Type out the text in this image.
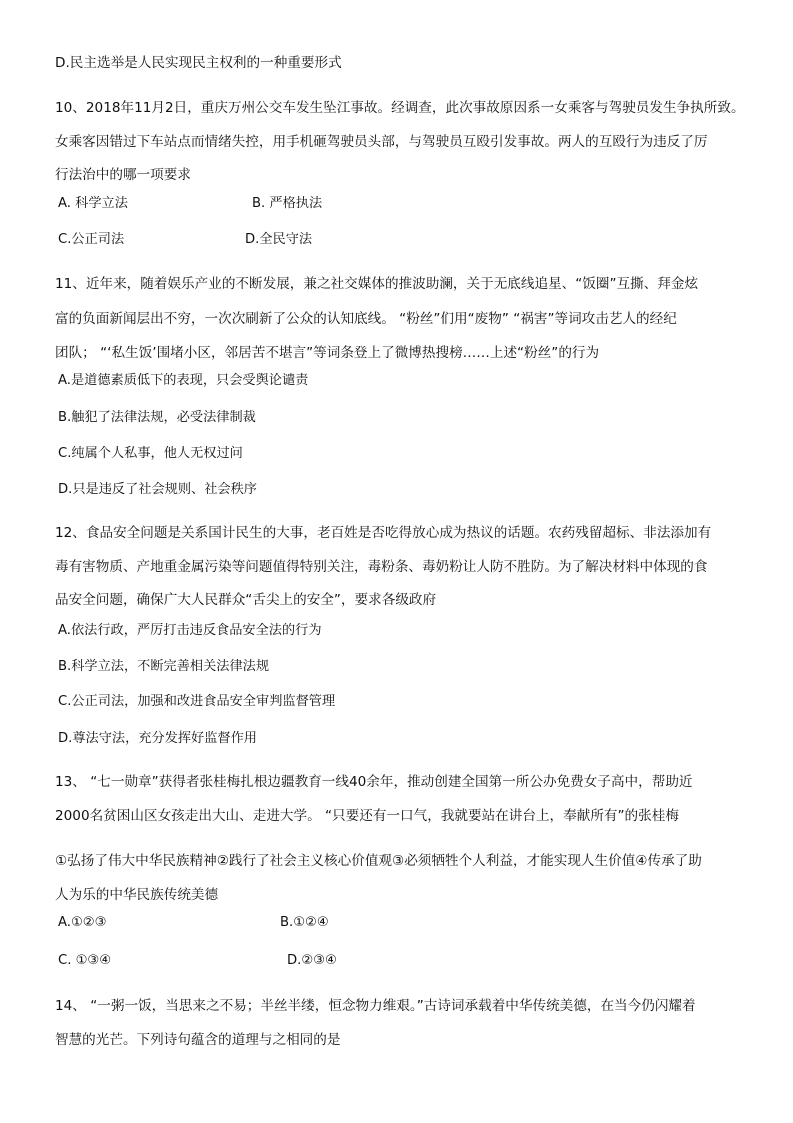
D.民主选举是人民实现民主权利的一种重要形式
10、2018年11月2日，重庆万州公交车发生坠江事故。经调查，此次事故原因系一女乘客与驾驶员发生争执所致。
女乘客因错过下车站点而情绪失控，用手机砸驾驶员头部，与驾驶员互殴引发事故。两人的互殴行为违反了厉
行法治中的哪一项要求
A. 科学立法	B. 严格执法
C.公正司法	D.全民守法
11、近年来，随着娱乐产业的不断发展，兼之社交媒体的推波助澜，关于无底线追星、“饭圈”互撕、拜金炫
富的负面新闻层出不穷，一次次刷新了公众的认知底线。 “粉丝”们用“废物” “祸害”等词攻击艺人的经纪
团队； “‘私生饭’围堵小区，邻居苦不堪言”等词条登上了微博热搜榜……上述“粉丝”的行为
A.是道德素质低下的表现，只会受舆论谴责
B.触犯了法律法规，必受法律制裁
C.纯属个人私事，他人无权过问
D.只是违反了社会规则、社会秩序
12、食品安全问题是关系国计民生的大事，老百姓是否吃得放心成为热议的话题。农药残留超标、非法添加有
毒有害物质、产地重金属污染等问题值得特别关注，毒粉条、毒奶粉让人防不胜防。为了解决材料中体现的食
品安全问题，确保广大人民群众“舌尖上的安全”，要求各级政府
A.依法行政，严厉打击违反食品安全法的行为
B.科学立法，不断完善相关法律法规
C.公正司法，加强和改进食品安全审判监督管理
D.尊法守法，充分发挥好监督作用
13、 “七一勋章”获得者张桂梅扎根边疆教育一线40余年，推动创建全国第一所公办免费女子高中，帮助近
2000名贫困山区女孩走出大山、走进大学。 “只要还有一口气，我就要站在讲台上，奉献所有”的张桂梅
①弘扬了伟大中华民族精神②践行了社会主义核心价值观③必须牺牲个人利益，才能实现人生价值④传承了助
人为乐的中华民族传统美德
A.①②③	B.①②④
C. ①③④	D.②③④
14、 “一粥一饭，当思来之不易；半丝半缕，恒念物力维艰。”古诗词承载着中华传统美德，在当今仍闪耀着
智慧的光芒。下列诗句蕴含的道理与之相同的是
